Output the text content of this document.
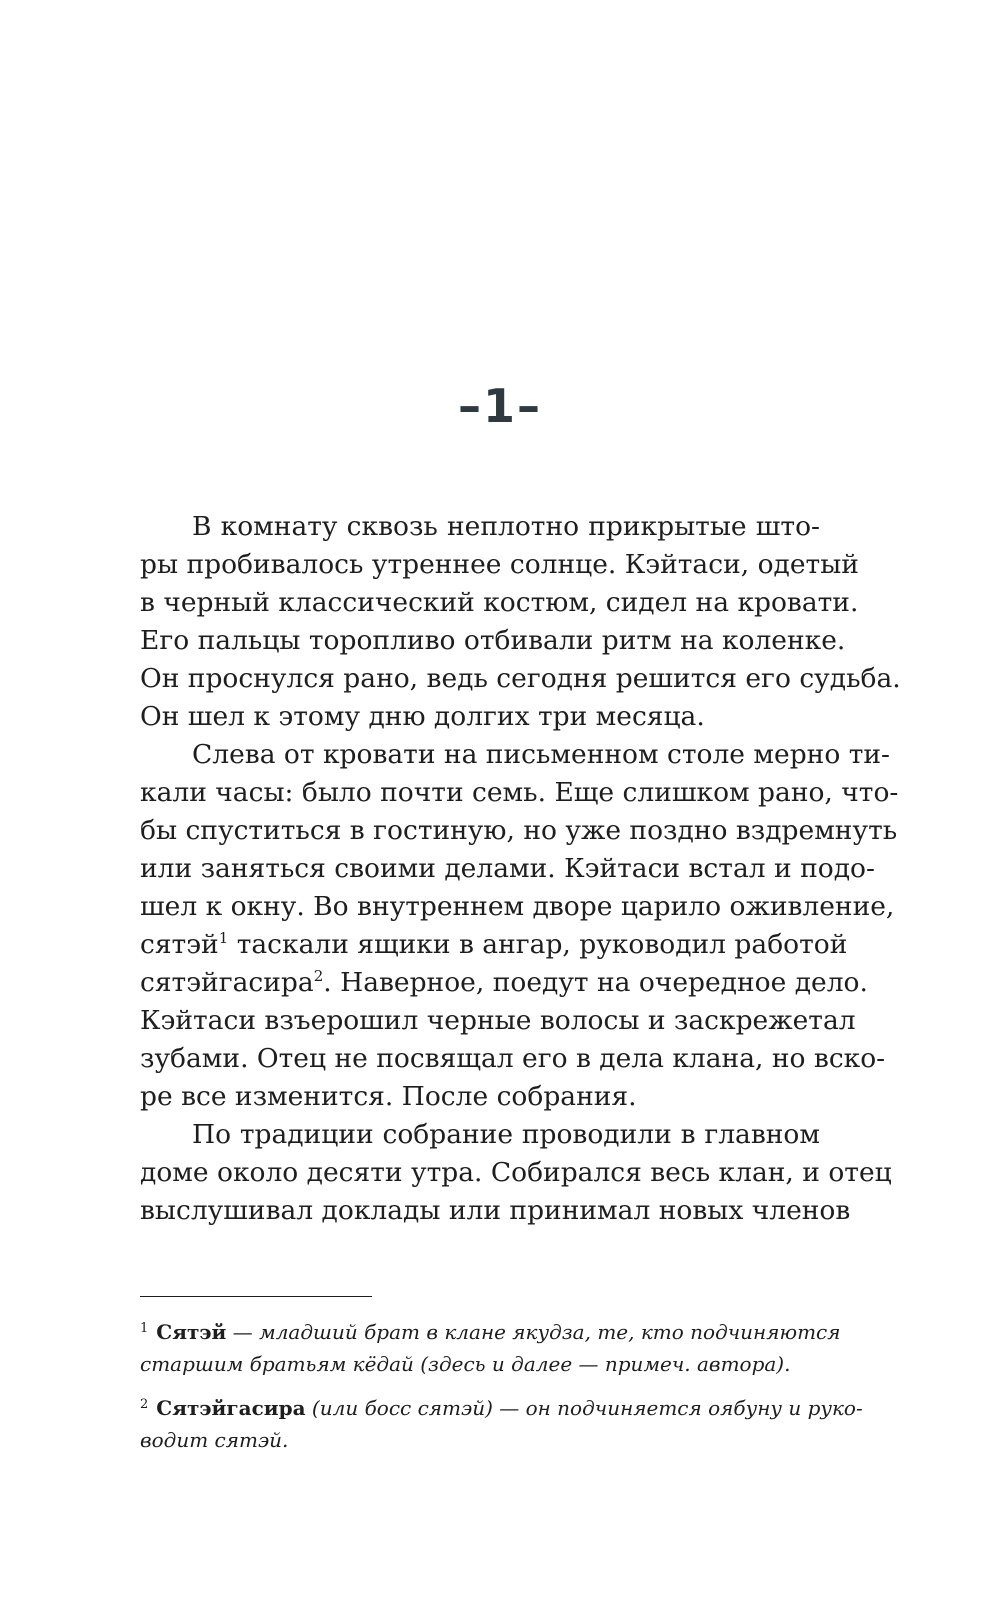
–1–
В комнату сквозь неплотно прикрытые што-
ры пробивалось утреннее солнце. Кэйтаси, одетый
в черный классический костюм, сидел на кровати.
Его пальцы торопливо отбивали ритм на коленке.
Он проснулся рано, ведь сегодня решится его судьба.
Он шел к этому дню долгих три месяца.
Слева от кровати на письменном столе мерно ти-
кали часы: было почти семь. Еще слишком рано, что-
бы спуститься в гостиную, но уже поздно вздремнуть
или заняться своими делами. Кэйтаси встал и подо-
шел к окну. Во внутреннем дворе царило оживление,
сятэй$^1$ таскали ящики в ангар, руководил работой
сятэйгасира$^2$. Наверное, поедут на очередное дело.
Кэйтаси взъерошил черные волосы и заскрежетал
зубами. Отец не посвящал его в дела клана, но вско-
ре все изменится. После собрания.
По традиции собрание проводили в главном
доме около десяти утра. Собирался весь клан, и отец
выслушивал доклады или принимал новых членов
$^1$ Сятэй — младший брат в клане якудза, те, кто подчиняются
старшим братьям кёдай (здесь и далее — примеч. автора).
$^2$ Сятэйгасира (или босс сятэй) — он подчиняется оябуну и руко-
водит сятэй.
